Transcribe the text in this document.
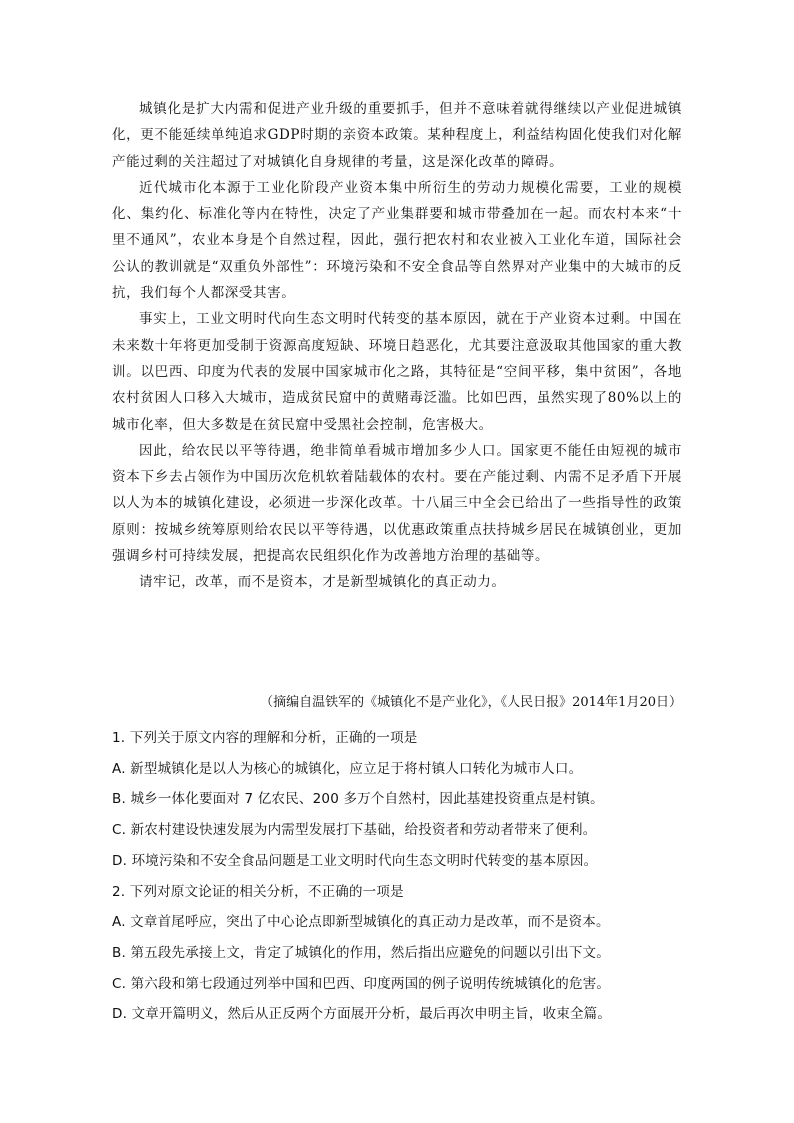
城镇化是扩大内需和促进产业升级的重要抓手，但并不意味着就得继续以产业促进城镇化，更不能延续单纯追求GDP时期的亲资本政策。某种程度上，利益结构固化使我们对化解产能过剩的关注超过了对城镇化自身规律的考量，这是深化改革的障碍。

近代城市化本源于工业化阶段产业资本集中所衍生的劳动力规模化需要，工业的规模化、集约化、标准化等内在特性，决定了产业集群要和城市带叠加在一起。而农村本来“十里不通风”，农业本身是个自然过程，因此，强行把农村和农业被入工业化车道，国际社会公认的教训就是“双重负外部性”：环境污染和不安全食品等自然界对产业集中的大城市的反抗，我们每个人都深受其害。

事实上，工业文明时代向生态文明时代转变的基本原因，就在于产业资本过剩。中国在未来数十年将更加受制于资源高度短缺、环境日趋恶化，尤其要注意汲取其他国家的重大教训。以巴西、印度为代表的发展中国家城市化之路，其特征是“空间平移，集中贫困”，各地农村贫困人口移入大城市，造成贫民窟中的黄赌毒泛滥。比如巴西，虽然实现了80%以上的城市化率，但大多数是在贫民窟中受黑社会控制，危害极大。

因此，给农民以平等待遇，绝非简单看城市增加多少人口。国家更不能任由短视的城市资本下乡去占领作为中国历次危机软着陆载体的农村。要在产能过剩、内需不足矛盾下开展以人为本的城镇化建设，必须进一步深化改革。十八届三中全会已给出了一些指导性的政策原则：按城乡统筹原则给农民以平等待遇，以优惠政策重点扶持城乡居民在城镇创业，更加强调乡村可持续发展，把提高农民组织化作为改善地方治理的基础等。

请牢记，改革，而不是资本，才是新型城镇化的真正动力。

（摘编自温铁军的《城镇化不是产业化》，《人民日报》2014年1月20日）
1. 下列关于原文内容的理解和分析，正确的一项是
A. 新型城镇化是以人为核心的城镇化，应立足于将村镇人口转化为城市人口。
B. 城乡一体化要面对 7 亿农民、200 多万个自然村，因此基建投资重点是村镇。
C. 新农村建设快速发展为内需型发展打下基础，给投资者和劳动者带来了便利。
D. 环境污染和不安全食品问题是工业文明时代向生态文明时代转变的基本原因。
2. 下列对原文论证的相关分析，不正确的一项是
A. 文章首尾呼应，突出了中心论点即新型城镇化的真正动力是改革，而不是资本。
B. 第五段先承接上文，肯定了城镇化的作用，然后指出应避免的问题以引出下文。
C. 第六段和第七段通过列举中国和巴西、印度两国的例子说明传统城镇化的危害。
D. 文章开篇明义，然后从正反两个方面展开分析，最后再次申明主旨，收束全篇。
